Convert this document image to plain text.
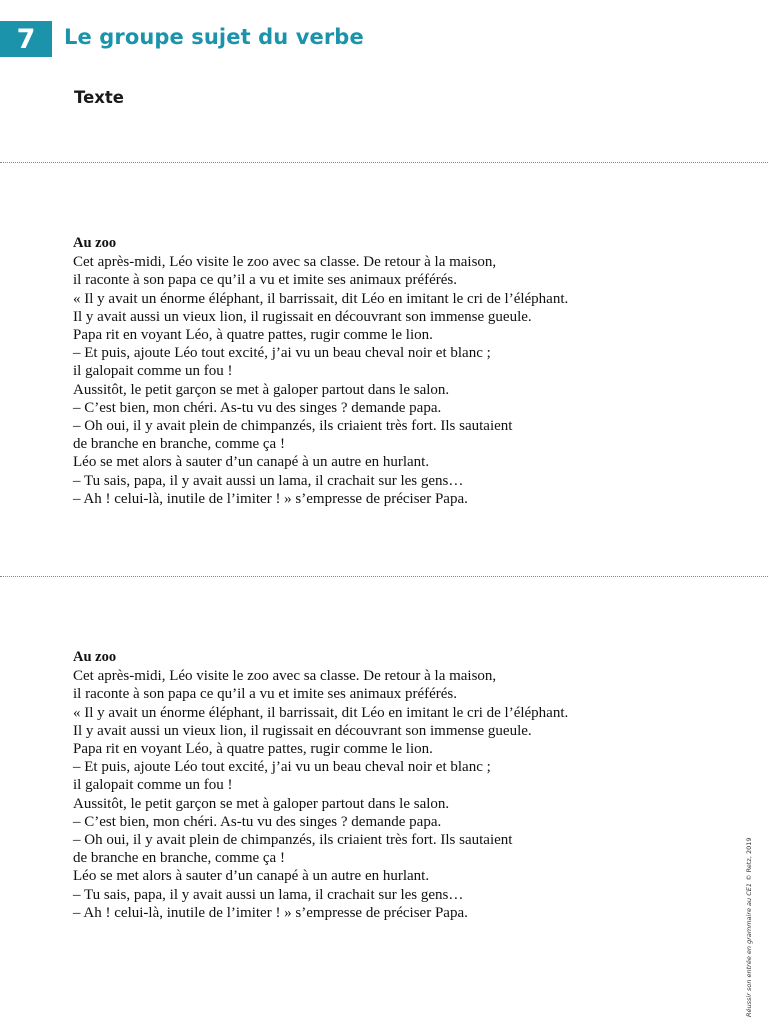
7	Le groupe sujet du verbe
Texte
Au zoo
Cet après-midi, Léo visite le zoo avec sa classe. De retour à la maison,
il raconte à son papa ce qu’il a vu et imite ses animaux préférés.
« Il y avait un énorme éléphant, il barrissait, dit Léo en imitant le cri de l’éléphant.
Il y avait aussi un vieux lion, il rugissait en découvrant son immense gueule.
Papa rit en voyant Léo, à quatre pattes, rugir comme le lion.
– Et puis, ajoute Léo tout excité, j’ai vu un beau cheval noir et blanc ;
il galopait comme un fou !
Aussitôt, le petit garçon se met à galoper partout dans le salon.
– C’est bien, mon chéri. As-tu vu des singes ? demande papa.
– Oh oui, il y avait plein de chimpanzés, ils criaient très fort. Ils sautaient
de branche en branche, comme ça !
Léo se met alors à sauter d’un canapé à un autre en hurlant.
– Tu sais, papa, il y avait aussi un lama, il crachait sur les gens…
– Ah ! celui-là, inutile de l’imiter ! » s’empresse de préciser Papa.
Au zoo
Cet après-midi, Léo visite le zoo avec sa classe. De retour à la maison,
il raconte à son papa ce qu’il a vu et imite ses animaux préférés.
« Il y avait un énorme éléphant, il barrissait, dit Léo en imitant le cri de l’éléphant.
Il y avait aussi un vieux lion, il rugissait en découvrant son immense gueule.
Papa rit en voyant Léo, à quatre pattes, rugir comme le lion.
– Et puis, ajoute Léo tout excité, j’ai vu un beau cheval noir et blanc ;
il galopait comme un fou !
Aussitôt, le petit garçon se met à galoper partout dans le salon.
– C’est bien, mon chéri. As-tu vu des singes ? demande papa.
– Oh oui, il y avait plein de chimpanzés, ils criaient très fort. Ils sautaient
de branche en branche, comme ça !
Léo se met alors à sauter d’un canapé à un autre en hurlant.
– Tu sais, papa, il y avait aussi un lama, il crachait sur les gens…
– Ah ! celui-là, inutile de l’imiter ! » s’empresse de préciser Papa.	Réussir son entrée en grammaire au CE1 © Retz, 2019
